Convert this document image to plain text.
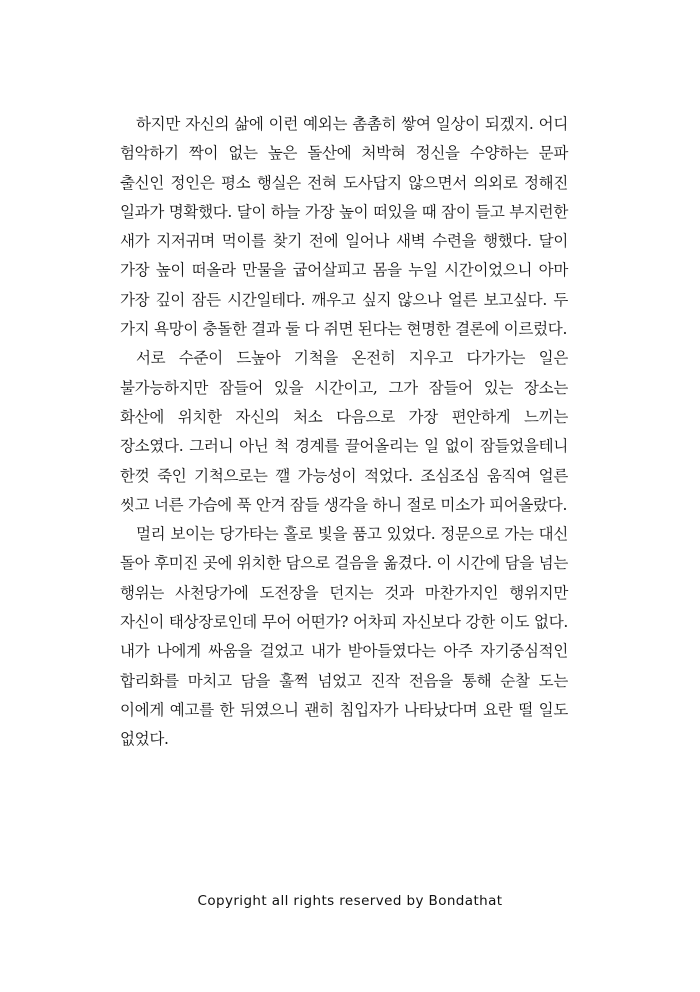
하지만 자신의 삶에 이런 예외는 촘촘히 쌓여 일상이 되겠지. 어디 험악하기 짝이 없는 높은 돌산에 처박혀 정신을 수양하는 문파 출신인 정인은 평소 행실은 전혀 도사답지 않으면서 의외로 정해진 일과가 명확했다. 달이 하늘 가장 높이 떠있을 때 잠이 들고 부지런한 새가 지저귀며 먹이를 찾기 전에 일어나 새벽 수련을 행했다. 달이 가장 높이 떠올라 만물을 굽어살피고 몸을 누일 시간이었으니 아마 가장 깊이 잠든 시간일테다. 깨우고 싶지 않으나 얼른 보고싶다. 두 가지 욕망이 충돌한 결과 둘 다 쥐면 된다는 현명한 결론에 이르렀다.

서로 수준이 드높아 기척을 온전히 지우고 다가가는 일은 불가능하지만 잠들어 있을 시간이고, 그가 잠들어 있는 장소는 화산에 위치한 자신의 처소 다음으로 가장 편안하게 느끼는 장소였다. 그러니 아닌 척 경계를 끌어올리는 일 없이 잠들었을테니 한껏 죽인 기척으로는 깰 가능성이 적었다. 조심조심 움직여 얼른 씻고 너른 가슴에 푹 안겨 잠들 생각을 하니 절로 미소가 피어올랐다.

멀리 보이는 당가타는 홀로 빛을 품고 있었다. 정문으로 가는 대신 돌아 후미진 곳에 위치한 담으로 걸음을 옮겼다. 이 시간에 담을 넘는 행위는 사천당가에 도전장을 던지는 것과 마찬가지인 행위지만 자신이 태상장로인데 무어 어떤가? 어차피 자신보다 강한 이도 없다. 내가 나에게 싸움을 걸었고 내가 받아들였다는 아주 자기중심적인 합리화를 마치고 담을 훌쩍 넘었고 진작 전음을 통해 순찰 도는 이에게 예고를 한 뒤였으니 괜히 침입자가 나타났다며 요란 떨 일도 없었다.

Copyright all rights reserved by Bondathat
